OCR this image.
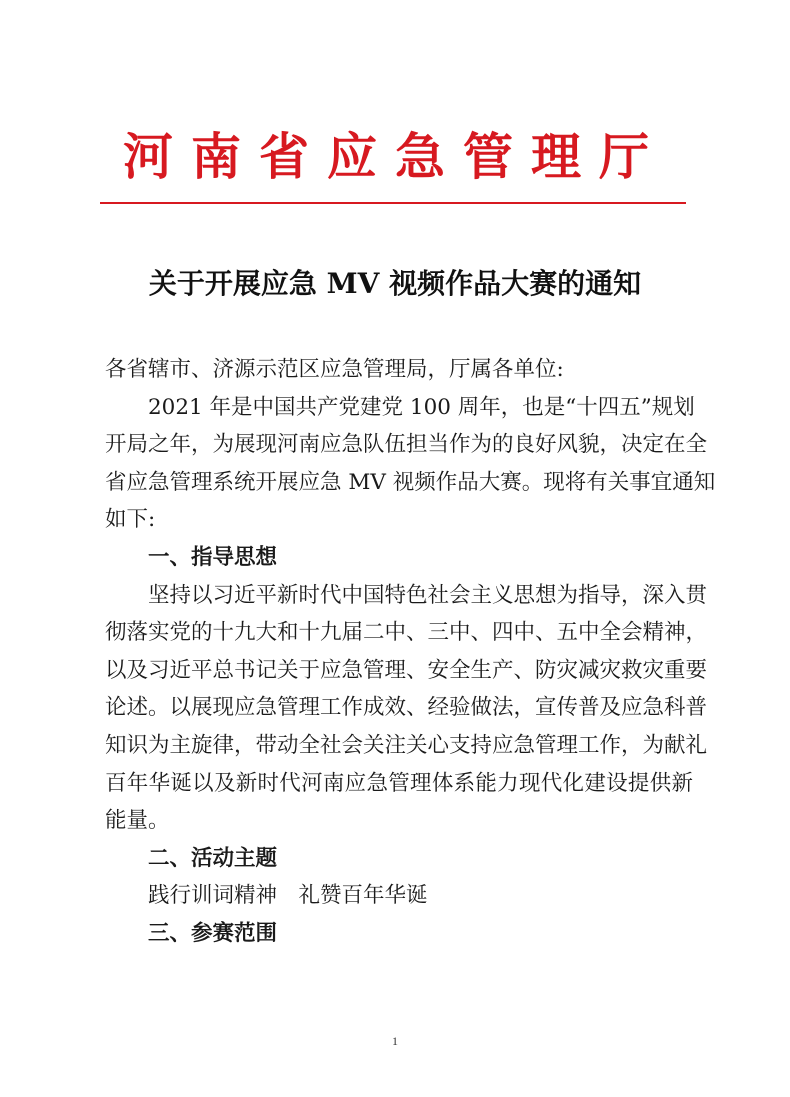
河南省应急管理厅
关于开展应急 MV 视频作品大赛的通知
各省辖市、济源示范区应急管理局，厅属各单位:
2021 年是中国共产党建党 100 周年，也是“十四五”规划
开局之年，为展现河南应急队伍担当作为的良好风貌，决定在全
省应急管理系统开展应急 MV 视频作品大赛。现将有关事宜通知
如下:
一、指导思想
坚持以习近平新时代中国特色社会主义思想为指导，深入贯
彻落实党的十九大和十九届二中、三中、四中、五中全会精神，
以及习近平总书记关于应急管理、安全生产、防灾减灾救灾重要
论述。以展现应急管理工作成效、经验做法，宣传普及应急科普
知识为主旋律，带动全社会关注关心支持应急管理工作，为献礼
百年华诞以及新时代河南应急管理体系能力现代化建设提供新
能量。
二、活动主题
践行训词精神　礼赞百年华诞
三、参赛范围
1
